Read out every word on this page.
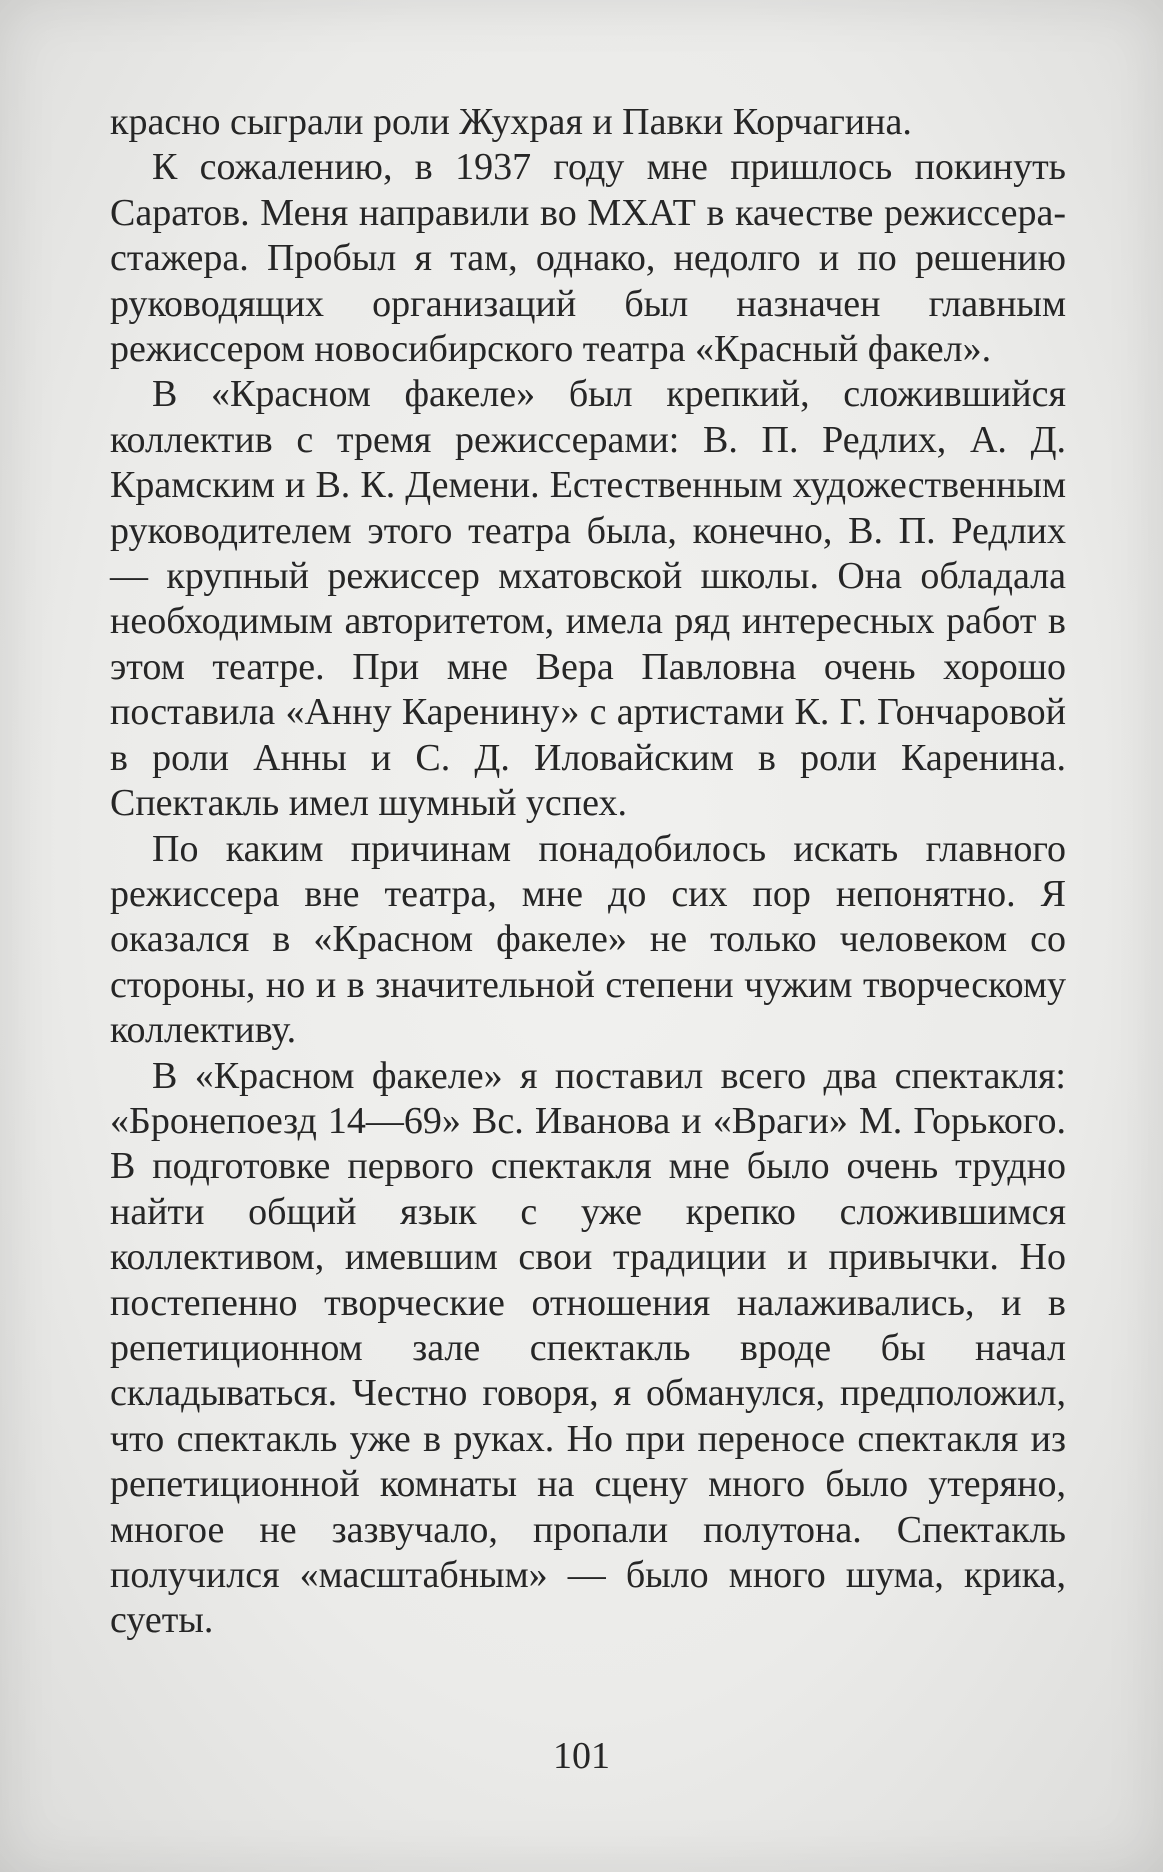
красно сыграли роли Жухрая и Павки Корчагина.

К сожалению, в 1937 году мне пришлось покинуть Саратов. Меня направили во МХАТ в качестве режиссера-стажера. Пробыл я там, однако, недолго и по решению руководящих организаций был назначен главным режиссером новосибирского театра «Красный факел».

В «Красном факеле» был крепкий, сложившийся коллектив с тремя режиссерами: В. П. Редлих, А. Д. Крамским и В. К. Демени. Естественным художественным руководителем этого театра была, конечно, В. П. Редлих — крупный режиссер мхатовской школы. Она обладала необходимым авторитетом, имела ряд интересных работ в этом театре. При мне Вера Павловна очень хорошо поставила «Анну Каренину» с артистами К. Г. Гончаровой в роли Анны и С. Д. Иловайским в роли Каренина. Спектакль имел шумный успех.

По каким причинам понадобилось искать главного режиссера вне театра, мне до сих пор непонятно. Я оказался в «Красном факеле» не только человеком со стороны, но и в значительной степени чужим творческому коллективу.

В «Красном факеле» я поставил всего два спектакля: «Бронепоезд 14—69» Вс. Иванова и «Враги» М. Горького. В подготовке первого спектакля мне было очень трудно найти общий язык с уже крепко сложившимся коллективом, имевшим свои традиции и привычки. Но постепенно творческие отношения налаживались, и в репетиционном зале спектакль вроде бы начал складываться. Честно говоря, я обманулся, предположил, что спектакль уже в руках. Но при переносе спектакля из репетиционной комнаты на сцену много было утеряно, многое не зазвучало, пропали полутона. Спектакль получился «масштабным» — было много шума, крика, суеты.

101
